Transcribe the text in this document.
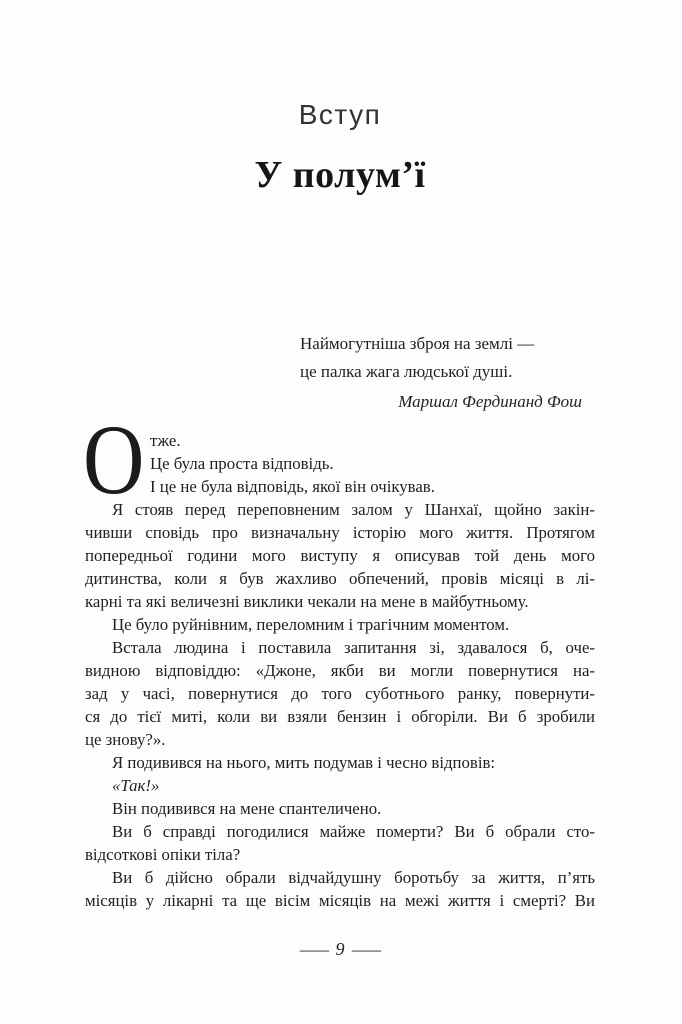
Вступ
У полум’ї
Наймогутніша зброя на землі —
це палка жага людської душі.
Маршал Фердинанд Фош
О тже.
Це була проста відповідь.
І це не була відповідь, якої він очікував.
Я стояв перед переповненим залом у Шанхаї, щойно закін-
чивши сповідь про визначальну історію мого життя. Протягом
попередньої години мого виступу я описував той день мого
дитинства, коли я був жахливо обпечений, провів місяці в лі-
карні та які величезні виклики чекали на мене в майбутньому.
Це було руйнівним, переломним і трагічним моментом.
Встала людина і поставила запитання зі, здавалося б, оче-
видною відповіддю: «Джоне, якби ви могли повернутися на-
зад у часі, повернутися до того суботнього ранку, повернути-
ся до тієї миті, коли ви взяли бензин і обгоріли. Ви б зробили
це знову?».
Я подивився на нього, мить подумав і чесно відповів:
«Так!»
Він подивився на мене спантеличено.
Ви б справді погодилися майже померти? Ви б обрали сто-
відсоткові опіки тіла?
Ви б дійсно обрали відчайдушну боротьбу за життя, п’ять
місяців у лікарні та ще вісім місяців на межі життя і смерті? Ви
— 9 —
